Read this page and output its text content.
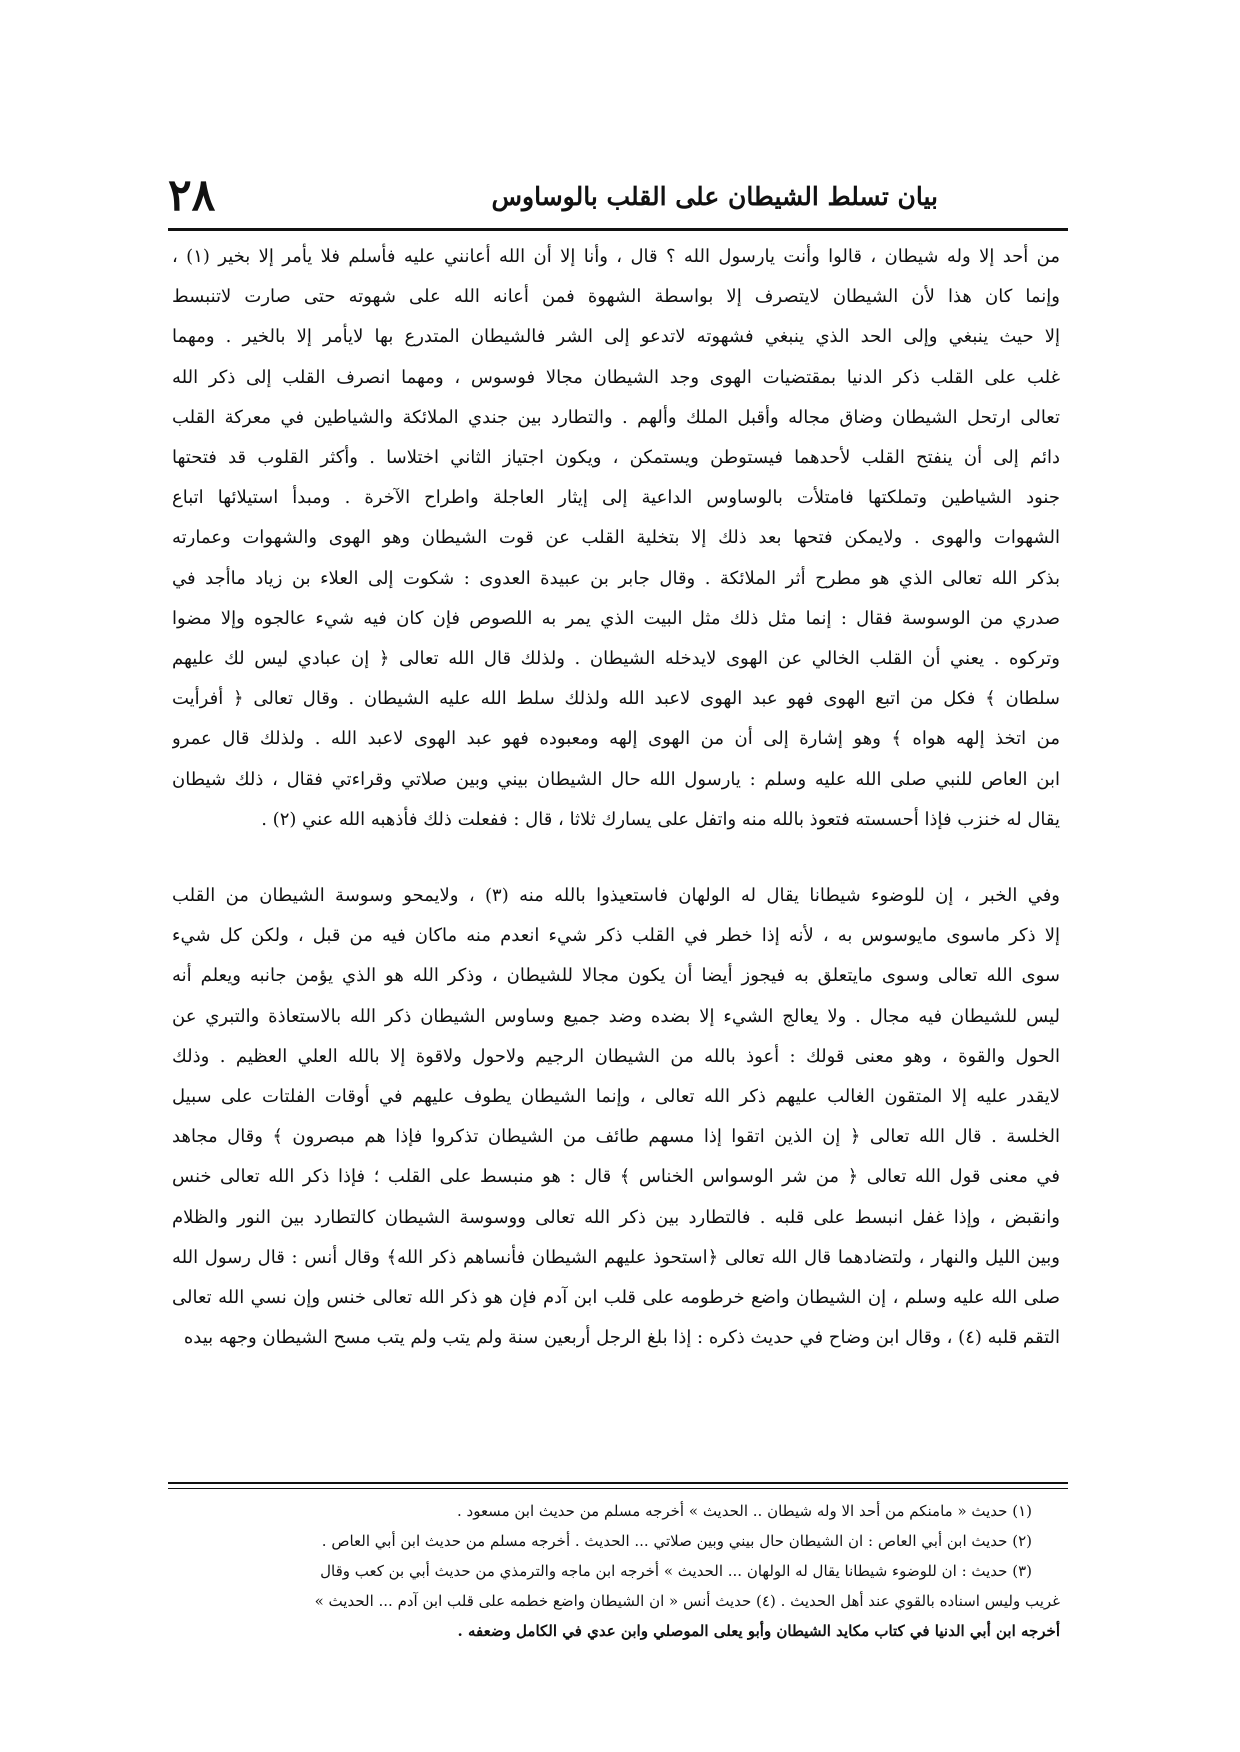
٢٨	بيان تسلط الشيطان على القلب بالوساوس
من أحد إلا وله شيطان ، قالوا وأنت يارسول الله ؟ قال ، وأنا إلا أن الله أعانني عليه فأسلم فلا يأمر إلا بخير (١) ،
وإنما كان هذا لأن الشيطان لايتصرف إلا بواسطة الشهوة فمن أعانه الله على شهوته حتى صارت لاتنبسط
إلا حيث ينبغي وإلى الحد الذي ينبغي فشهوته لاتدعو إلى الشر فالشيطان المتدرع بها لايأمر إلا بالخير . ومهما
غلب على القلب ذكر الدنيا بمقتضيات الهوى وجد الشيطان مجالا فوسوس ، ومهما انصرف القلب إلى ذكر الله
تعالى ارتحل الشيطان وضاق مجاله وأقبل الملك وألهم . والتطارد بين جندي الملائكة والشياطين في معركة القلب
دائم إلى أن ينفتح القلب لأحدهما فيستوطن ويستمكن ، ويكون اجتياز الثاني اختلاسا . وأكثر القلوب قد فتحتها
جنود الشياطين وتملكتها فامتلأت بالوساوس الداعية إلى إيثار العاجلة واطراح الآخرة . ومبدأ استيلائها اتباع
الشهوات والهوى . ولايمكن فتحها بعد ذلك إلا بتخلية القلب عن قوت الشيطان وهو الهوى والشهوات وعمارته
بذكر الله تعالى الذي هو مطرح أثر الملائكة . وقال جابر بن عبيدة العدوى : شكوت إلى العلاء بن زياد ماأجد في
صدري من الوسوسة فقال : إنما مثل ذلك مثل البيت الذي يمر به اللصوص فإن كان فيه شيء عالجوه وإلا مضوا
وتركوه . يعني أن القلب الخالي عن الهوى لايدخله الشيطان . ولذلك قال الله تعالى ﴿ إن عبادي ليس لك عليهم
سلطان ﴾ فكل من اتبع الهوى فهو عبد الهوى لاعبد الله ولذلك سلط الله عليه الشيطان . وقال تعالى ﴿ أفرأيت
من اتخذ إلهه هواه ﴾ وهو إشارة إلى أن من الهوى إلهه ومعبوده فهو عبد الهوى لاعبد الله . ولذلك قال عمرو
ابن العاص للنبي صلى الله عليه وسلم : يارسول الله حال الشيطان بيني وبين صلاتي وقراءتي فقال ، ذلك شيطان
يقال له خنزب فإذا أحسسته فتعوذ بالله منه واتفل على يسارك ثلاثا ، قال : ففعلت ذلك فأذهبه الله عني (٢) .
وفي الخبر ، إن للوضوء شيطانا يقال له الولهان فاستعيذوا بالله منه (٣) ، ولايمحو وسوسة الشيطان من القلب
إلا ذكر ماسوى مايوسوس به ، لأنه إذا خطر في القلب ذكر شيء انعدم منه ماكان فيه من قبل ، ولكن كل شيء
سوى الله تعالى وسوى مايتعلق به فيجوز أيضا أن يكون مجالا للشيطان ، وذكر الله هو الذي يؤمن جانبه ويعلم أنه
ليس للشيطان فيه مجال . ولا يعالج الشيء إلا بضده وضد جميع وساوس الشيطان ذكر الله بالاستعاذة والتبري عن
الحول والقوة ، وهو معنى قولك : أعوذ بالله من الشيطان الرجيم ولاحول ولاقوة إلا بالله العلي العظيم . وذلك
لايقدر عليه إلا المتقون الغالب عليهم ذكر الله تعالى ، وإنما الشيطان يطوف عليهم في أوقات الفلتات على سبيل
الخلسة . قال الله تعالى ﴿ إن الذين اتقوا إذا مسهم طائف من الشيطان تذكروا فإذا هم مبصرون ﴾ وقال مجاهد
في معنى قول الله تعالى ﴿ من شر الوسواس الخناس ﴾ قال : هو منبسط على القلب ؛ فإذا ذكر الله تعالى خنس
وانقبض ، وإذا غفل انبسط على قلبه . فالتطارد بين ذكر الله تعالى ووسوسة الشيطان كالتطارد بين النور والظلام
وبين الليل والنهار ، ولتضادهما قال الله تعالى ﴿استحوذ عليهم الشيطان فأنساهم ذكر الله﴾ وقال أنس : قال رسول الله
صلى الله عليه وسلم ، إن الشيطان واضع خرطومه على قلب ابن آدم فإن هو ذكر الله تعالى خنس وإن نسي الله تعالى
التقم قلبه (٤) ، وقال ابن وضاح في حديث ذكره : إذا بلغ الرجل أربعين سنة ولم يتب ولم يتب مسح الشيطان وجهه بيده
(١) حديث « مامنكم من أحد الا وله شيطان .. الحديث » أخرجه مسلم من حديث ابن مسعود .
(٢) حديث ابن أبي العاص : ان الشيطان حال بيني وبين صلاتي ... الحديث . أخرجه مسلم من حديث ابن أبي العاص .
(٣) حديث : ان للوضوء شيطانا يقال له الولهان ... الحديث » أخرجه ابن ماجه والترمذي من حديث أبي بن كعب وقال
غريب وليس اسناده بالقوي عند أهل الحديث . (٤) حديث أنس « ان الشيطان واضع خطمه على قلب ابن آدم ... الحديث »
أخرجه ابن أبي الدنيا في كتاب مكايد الشيطان وأبو يعلى الموصلي وابن عدي في الكامل وضعفه .
